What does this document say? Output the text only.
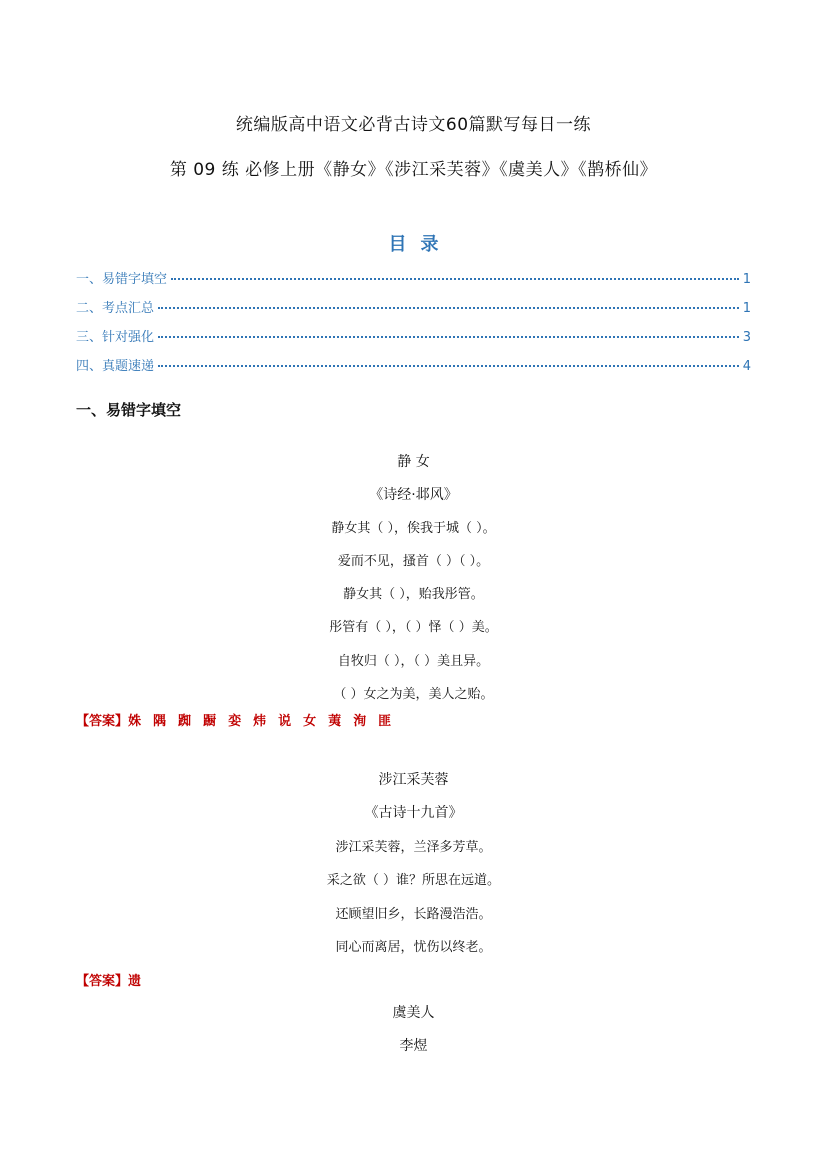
统编版高中语文必背古诗文60篇默写每日一练
第 09 练 必修上册《静女》《涉江采芙蓉》《虞美人》《鹊桥仙》
目录
一、易错字填空	1
二、考点汇总	1
三、针对强化	3
四、真题速递	4
一、易错字填空
静 女
《诗经·邶风》
静女其（ ），俟我于城（ ）。
爱而不见，搔首（ ）（ ）。
静女其（ ），贻我彤管。
彤管有（ ），（ ）怿（ ）美。
自牧归（ ），（ ）美且异。
（ ）女之为美，美人之贻。
【答案】姝 隅 踟 蹰 娈 炜 说 女 荑 洵 匪
涉江采芙蓉
《古诗十九首》
涉江采芙蓉，兰泽多芳草。
采之欲（ ）谁？所思在远道。
还顾望旧乡，长路漫浩浩。
同心而离居，忧伤以终老。
【答案】遗
虞美人
李煜
